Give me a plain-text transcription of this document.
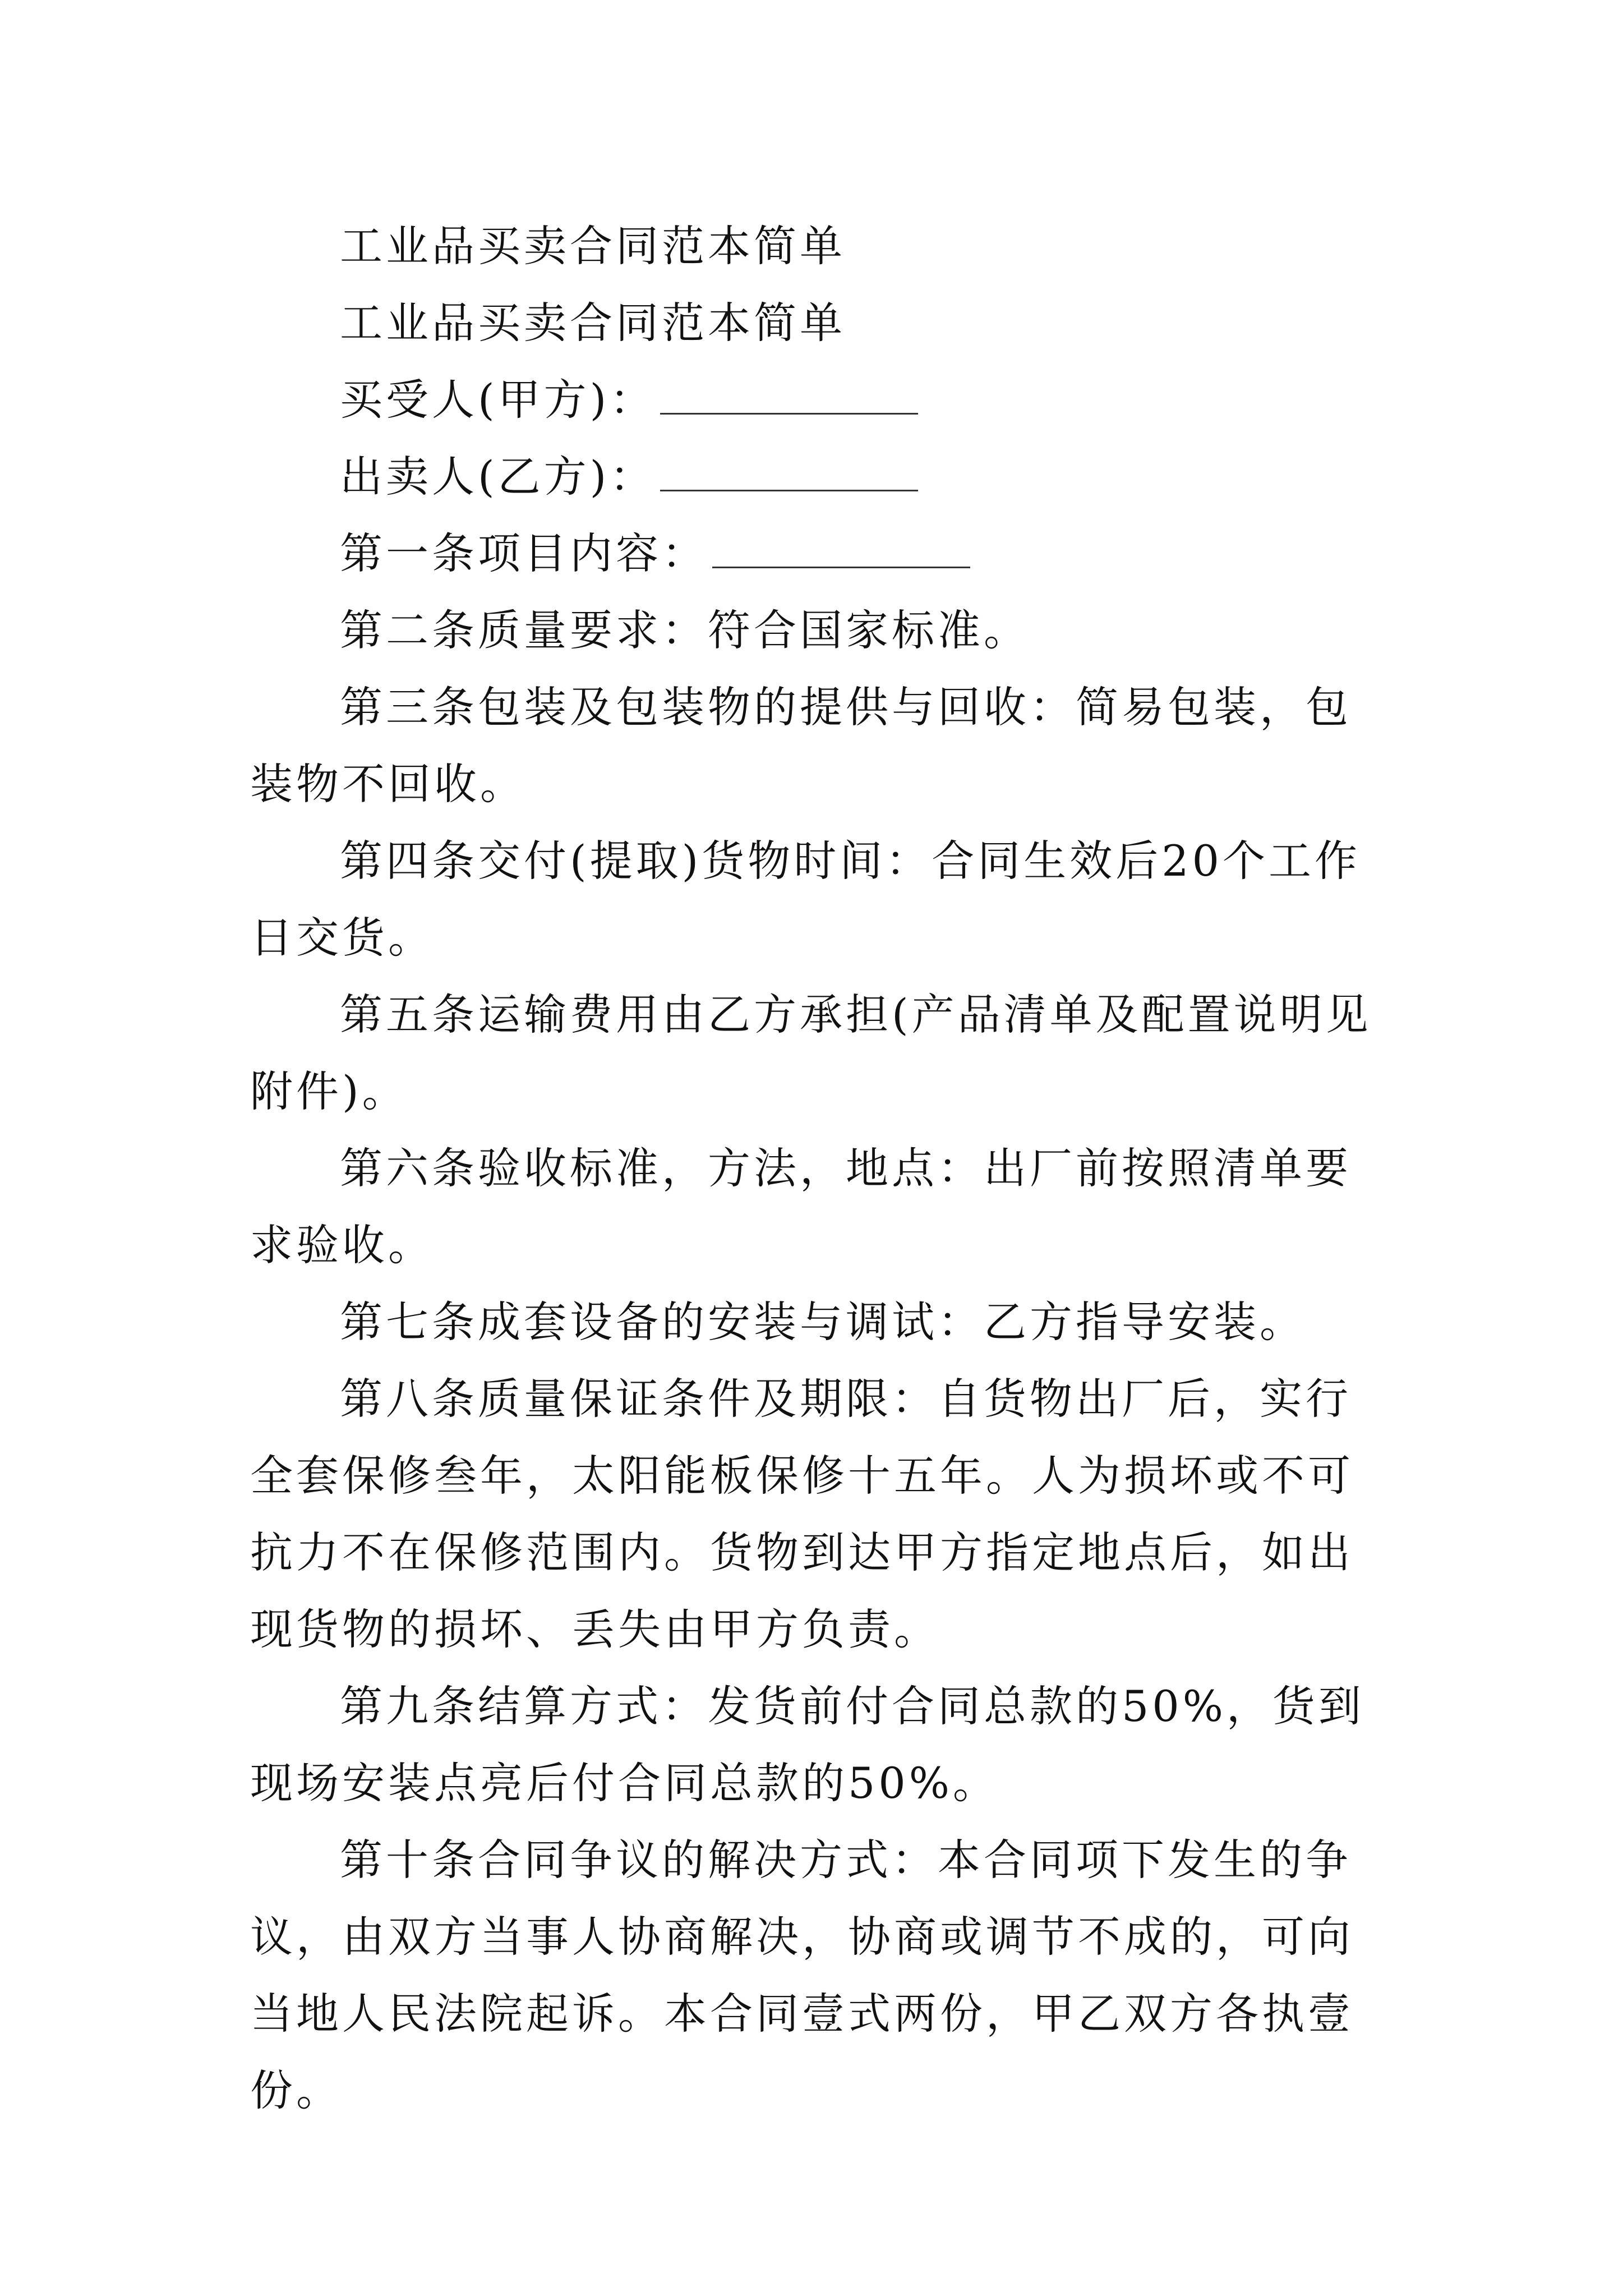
工业品买卖合同范本简单

工业品买卖合同范本简单

买受人(甲方)：

出卖人(乙方)：

第一条项目内容：

第二条质量要求：符合国家标准。

第三条包装及包装物的提供与回收：简易包装，包装物不回收。

第四条交付(提取)货物时间：合同生效后20个工作日交货。

第五条运输费用由乙方承担(产品清单及配置说明见附件)。

第六条验收标准，方法，地点：出厂前按照清单要求验收。

第七条成套设备的安装与调试：乙方指导安装。

第八条质量保证条件及期限：自货物出厂后，实行全套保修叁年，太阳能板保修十五年。人为损坏或不可抗力不在保修范围内。货物到达甲方指定地点后，如出现货物的损坏、丢失由甲方负责。

第九条结算方式：发货前付合同总款的50%，货到现场安装点亮后付合同总款的50%。

第十条合同争议的解决方式：本合同项下发生的争议，由双方当事人协商解决，协商或调节不成的，可向当地人民法院起诉。本合同壹式两份，甲乙双方各执壹份。
